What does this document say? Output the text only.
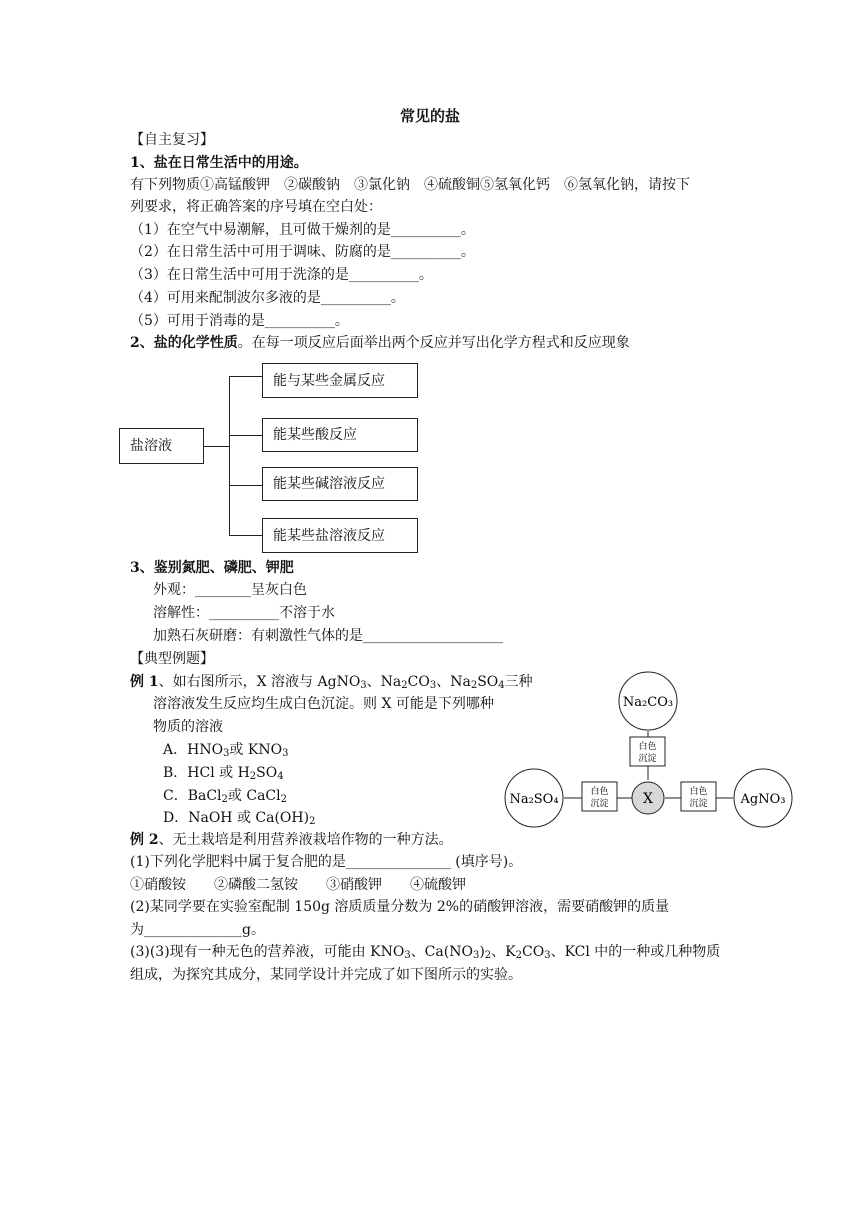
常见的盐
【自主复习】
1、盐在日常生活中的用途。
有下列物质①高锰酸钾　②碳酸钠　③氯化钠　④硫酸铜⑤氢氧化钙　⑥氢氧化钠，请按下
列要求，将正确答案的序号填在空白处：
（1）在空气中易潮解，且可做干燥剂的是__________。
（2）在日常生活中可用于调味、防腐的是__________。
（3）在日常生活中可用于洗涤的是__________。
（4）可用来配制波尔多液的是__________。
（5）可用于消毒的是__________。
2、盐的化学性质。在每一项反应后面举出两个反应并写出化学方程式和反应现象
盐溶液
能与某些金属反应
能某些酸反应
能某些碱溶液反应
能某些盐溶液反应
3、鉴别氮肥、磷肥、钾肥
外观：________呈灰白色
溶解性：__________不溶于水
加熟石灰研磨：有刺激性气体的是____________________
【典型例题】
例 1、如右图所示，X 溶液与 AgNO$_3$、$Na_2CO_3$、$Na_2SO_4$三种
溶溶液发生反应均生成白色沉淀。则 X 可能是下列哪种
物质的溶液
A．$HNO_3$或 $KNO_3$
B．HCl 或 $H_2SO_4$
C．BaCl$_2$或 CaCl$_2$
D．NaOH 或 $Ca(OH)_2$
Na₂CO₃
Na₂SO₄	AgNO₃
X
白色
沉淀
白色
沉淀
白色
沉淀
例 2、无土栽培是利用营养液栽培作物的一种方法。
(1)下列化学肥料中属于复合肥的是_______________ (填序号)。
①硝酸铵　　②磷酸二氢铵　　③硝酸钾　　④硫酸钾
(2)某同学要在实验室配制 150g 溶质质量分数为 2%的硝酸钾溶液，需要硝酸钾的质量
为______________g。
(3)(3)现有一种无色的营养液，可能由 $KNO_3$、$Ca(NO_3)_2$、$K_2CO_3$、KCl 中的一种或几种物质
组成，为探究其成分，某同学设计并完成了如下图所示的实验。
